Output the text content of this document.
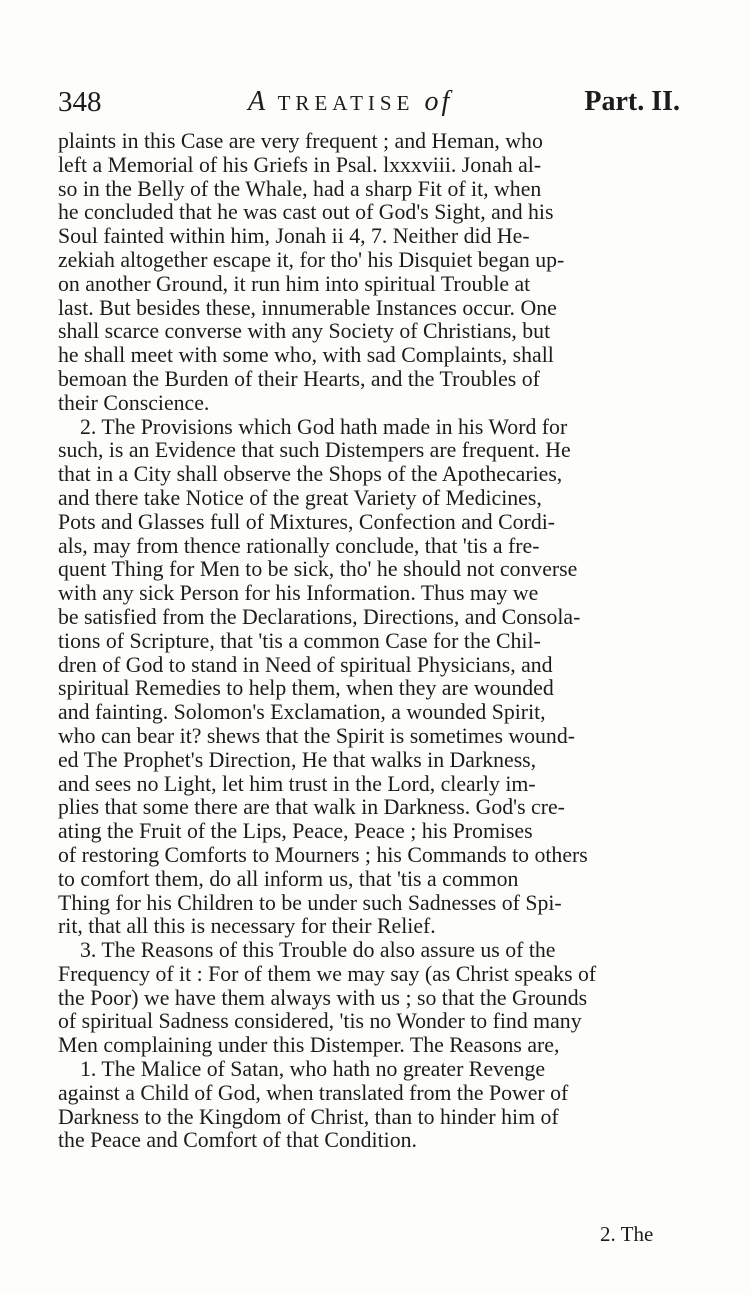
348	A TREATISE of	Part. II.
plaints in this Case are very frequent ; and Heman, who
left a Memorial of his Griefs in Psal. lxxxviii. Jonah al-
so in the Belly of the Whale, had a sharp Fit of it, when
he concluded that he was cast out of God's Sight, and his
Soul fainted within him, Jonah ii 4, 7. Neither did He-
zekiah altogether escape it, for tho' his Disquiet began up-
on another Ground, it run him into spiritual Trouble at
last. But besides these, innumerable Instances occur. One
shall scarce converse with any Society of Christians, but
he shall meet with some who, with sad Complaints, shall
bemoan the Burden of their Hearts, and the Troubles of
their Conscience.
2. The Provisions which God hath made in his Word for
such, is an Evidence that such Distempers are frequent. He
that in a City shall observe the Shops of the Apothecaries,
and there take Notice of the great Variety of Medicines,
Pots and Glasses full of Mixtures, Confection and Cordi-
als, may from thence rationally conclude, that 'tis a fre-
quent Thing for Men to be sick, tho' he should not converse
with any sick Person for his Information. Thus may we
be satisfied from the Declarations, Directions, and Consola-
tions of Scripture, that 'tis a common Case for the Chil-
dren of God to stand in Need of spiritual Physicians, and
spiritual Remedies to help them, when they are wounded
and fainting. Solomon's Exclamation, a wounded Spirit,
who can bear it? shews that the Spirit is sometimes wound-
ed The Prophet's Direction, He that walks in Darkness,
and sees no Light, let him trust in the Lord, clearly im-
plies that some there are that walk in Darkness. God's cre-
ating the Fruit of the Lips, Peace, Peace ; his Promises
of restoring Comforts to Mourners ; his Commands to others
to comfort them, do all inform us, that 'tis a common
Thing for his Children to be under such Sadnesses of Spi-
rit, that all this is necessary for their Relief.
3. The Reasons of this Trouble do also assure us of the
Frequency of it : For of them we may say (as Christ speaks of
the Poor) we have them always with us ; so that the Grounds
of spiritual Sadness considered, 'tis no Wonder to find many
Men complaining under this Distemper. The Reasons are,
1. The Malice of Satan, who hath no greater Revenge
against a Child of God, when translated from the Power of
Darkness to the Kingdom of Christ, than to hinder him of
the Peace and Comfort of that Condition.
2. The
